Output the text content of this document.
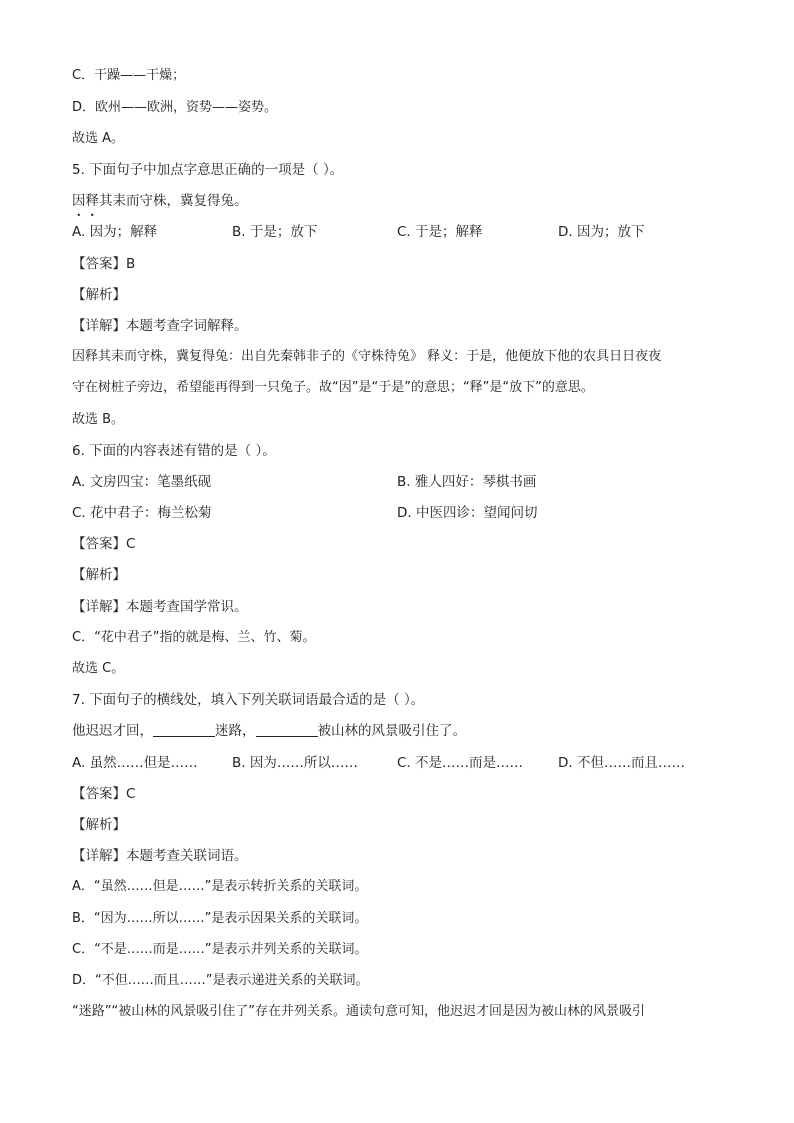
C．干躁——干燥；
D．欧州——欧洲，资势——姿势。
故选 A。
5. 下面句子中加点字意思正确的一项是（ ）。
因释其耒而守株，冀复得兔。
A. 因为；解释	B. 于是；放下	C. 于是；解释	D. 因为；放下
【答案】B
【解析】
【详解】本题考查字词解释。
因释其耒而守株，冀复得兔：出自先秦韩非子的《守株待兔》 释义：于是，他便放下他的农具日日夜夜
守在树桩子旁边，希望能再得到一只兔子。故“因”是“于是”的意思；“释”是“放下”的意思。
故选 B。
6. 下面的内容表述有错的是（ ）。
A. 文房四宝：笔墨纸砚	B. 雅人四好：琴棋书画
C. 花中君子：梅兰松菊	D. 中医四诊：望闻问切
【答案】C
【解析】
【详解】本题考查国学常识。
C．“花中君子”指的就是梅、兰、竹、菊。
故选 C。
7. 下面句子的横线处，填入下列关联词语最合适的是（ ）。
他迟迟才回，	迷路，	被山林的风景吸引住了。
A. 虽然……但是……	B. 因为……所以……	C. 不是……而是……	D. 不但……而且……
【答案】C
【解析】
【详解】本题考查关联词语。
A．“虽然……但是……”是表示转折关系的关联词。
B．“因为……所以……”是表示因果关系的关联词。
C．“不是……而是……”是表示并列关系的关联词。
D．“不但……而且……”是表示递进关系的关联词。
“迷路”“被山林的风景吸引住了”存在并列关系。通读句意可知，他迟迟才回是因为被山林的风景吸引
